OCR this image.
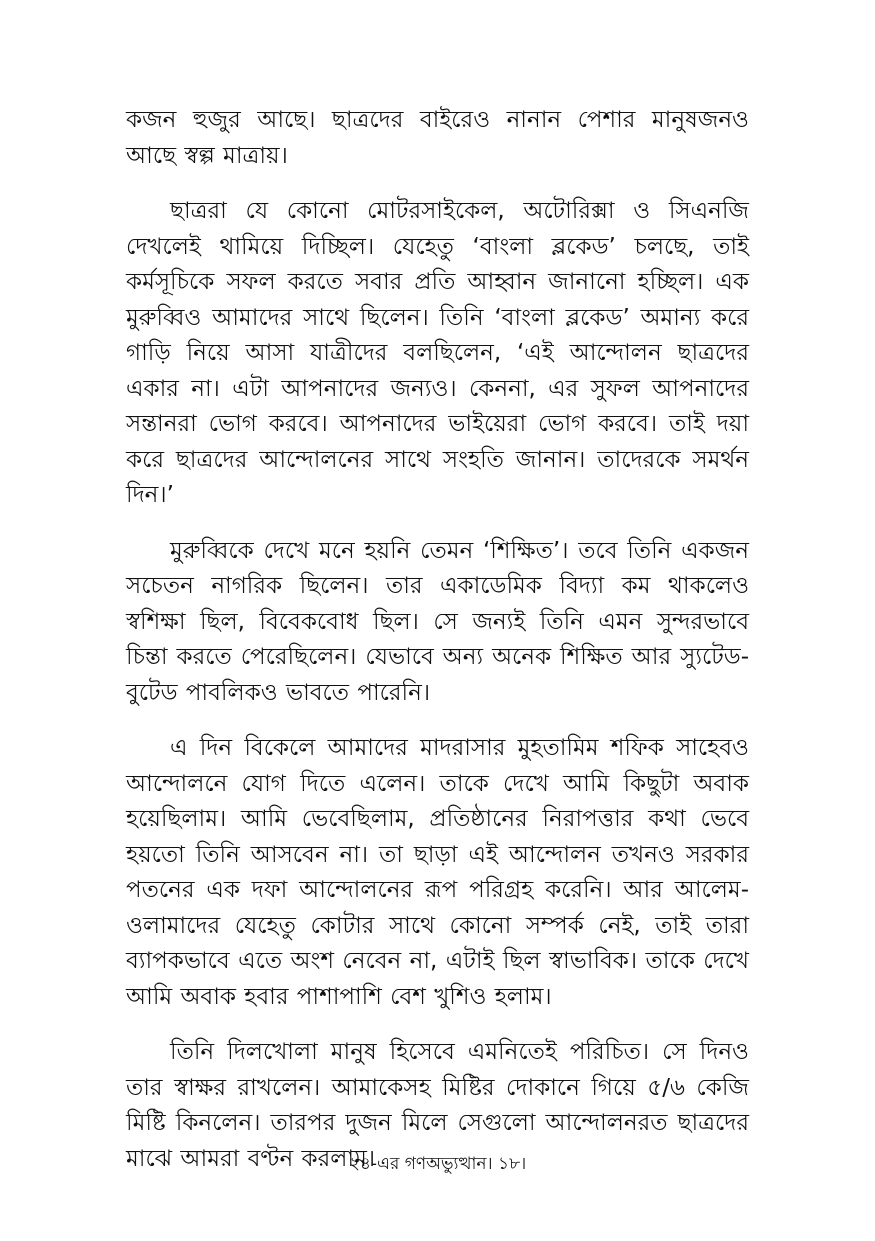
কজন হুজুর আছে। ছাত্রদের বাইরেও নানান পেশার মানুষজনও আছে স্বল্প মাত্রায়।

ছাত্ররা যে কোনো মোটরসাইকেল, অটোরিক্সা ও সিএনজি দেখলেই থামিয়ে দিচ্ছিল। যেহেতু ‘বাংলা ব্লকেড’ চলছে, তাই কর্মসূচিকে সফল করতে সবার প্রতি আহ্বান জানানো হচ্ছিল। এক মুরুব্বিও আমাদের সাথে ছিলেন। তিনি ‘বাংলা ব্লকেড’ অমান্য করে গাড়ি নিয়ে আসা যাত্রীদের বলছিলেন, ‘এই আন্দোলন ছাত্রদের একার না। এটা আপনাদের জন্যও। কেননা, এর সুফল আপনাদের সন্তানরা ভোগ করবে। আপনাদের ভাইয়েরা ভোগ করবে। তাই দয়া করে ছাত্রদের আন্দোলনের সাথে সংহতি জানান। তাদেরকে সমর্থন দিন।’

মুরুব্বিকে দেখে মনে হয়নি তেমন ‘শিক্ষিত’। তবে তিনি একজন সচেতন নাগরিক ছিলেন। তার একাডেমিক বিদ্যা কম থাকলেও স্বশিক্ষা ছিল, বিবেকবোধ ছিল। সে জন্যই তিনি এমন সুন্দরভাবে চিন্তা করতে পেরেছিলেন। যেভাবে অন্য অনেক শিক্ষিত আর স্যুটেড-বুটেড পাবলিকও ভাবতে পারেনি।

এ দিন বিকেলে আমাদের মাদরাসার মুহতামিম শফিক সাহেবও আন্দোলনে যোগ দিতে এলেন। তাকে দেখে আমি কিছুটা অবাক হয়েছিলাম। আমি ভেবেছিলাম, প্রতিষ্ঠানের নিরাপত্তার কথা ভেবে হয়তো তিনি আসবেন না। তা ছাড়া এই আন্দোলন তখনও সরকার পতনের এক দফা আন্দোলনের রূপ পরিগ্রহ করেনি। আর আলেম-ওলামাদের যেহেতু কোটার সাথে কোনো সম্পর্ক নেই, তাই তারা ব্যাপকভাবে এতে অংশ নেবেন না, এটাই ছিল স্বাভাবিক। তাকে দেখে আমি অবাক হবার পাশাপাশি বেশ খুশিও হলাম।

তিনি দিলখোলা মানুষ হিসেবে এমনিতেই পরিচিত। সে দিনও তার স্বাক্ষর রাখলেন। আমাকেসহ মিষ্টির দোকানে গিয়ে ৫/৬ কেজি মিষ্টি কিনলেন। তারপর দুজন মিলে সেগুলো আন্দোলনরত ছাত্রদের মাঝে আমরা বণ্টন করলাম।

২৪-এর গণঅভ্যুত্থান। ১৮।
